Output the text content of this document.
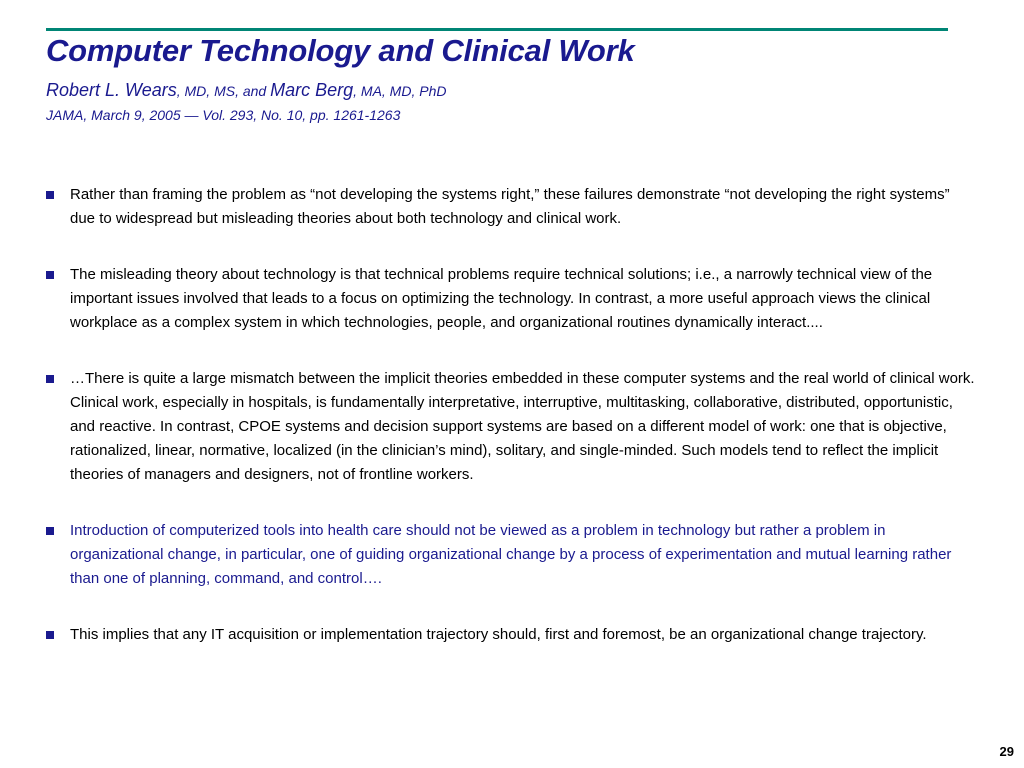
Computer Technology and Clinical Work

Robert L. Wears, MD, MS, and Marc Berg, MA, MD, PhD

JAMA, March 9, 2005 — Vol. 293, No. 10, pp. 1261-1263

Rather than framing the problem as “not developing the systems right,” these failures demonstrate “not developing the right systems” due to widespread but misleading theories about both technology and clinical work.
The misleading theory about technology is that technical problems require technical solutions; i.e., a narrowly technical view of the important issues involved that leads to a focus on optimizing the technology. In contrast, a more useful approach views the clinical workplace as a complex system in which technologies, people, and organizational routines dynamically interact....
…There is quite a large mismatch between the implicit theories embedded in these computer systems and the real world of clinical work. Clinical work, especially in hospitals, is fundamentally interpretative, interruptive, multitasking, collaborative, distributed, opportunistic, and reactive. In contrast, CPOE systems and decision support systems are based on a different model of work: one that is objective, rationalized, linear, normative, localized (in the clinician’s mind), solitary, and single-minded. Such models tend to reflect the implicit theories of managers and designers, not of frontline workers.
Introduction of computerized tools into health care should not be viewed as a problem in technology but rather a problem in organizational change, in particular, one of guiding organizational change by a process of experimentation and mutual learning rather than one of planning, command, and control….
This implies that any IT acquisition or implementation trajectory should, first and foremost, be an organizational change trajectory.
29
